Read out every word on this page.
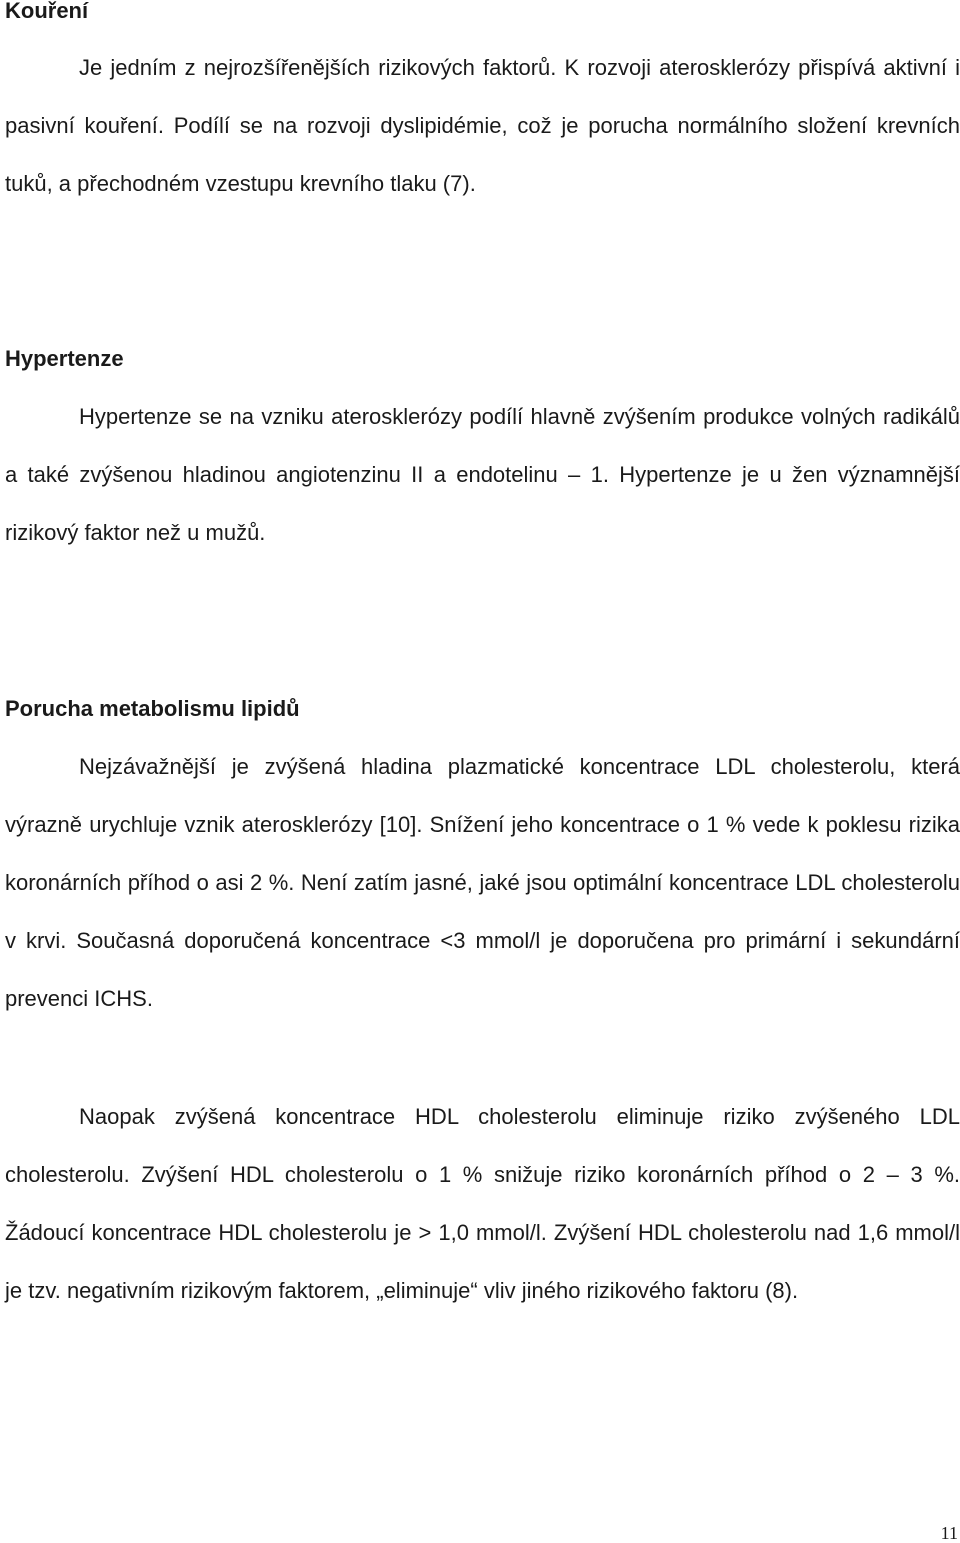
Kouření

Je jedním z nejrozšířenějších rizikových faktorů. K rozvoji aterosklerózy přispívá aktivní i pasivní kouření. Podílí se na rozvoji dyslipidémie, což je porucha normálního složení krevních tuků, a přechodném vzestupu krevního tlaku (7).

Hypertenze

Hypertenze se na vzniku aterosklerózy podílí hlavně zvýšením produkce volných radikálů a také zvýšenou hladinou angiotenzinu II a endotelinu – 1. Hypertenze je u žen významnější rizikový faktor než u mužů.

Porucha metabolismu lipidů

Nejzávažnější je zvýšená hladina plazmatické koncentrace LDL cholesterolu, která výrazně urychluje vznik aterosklerózy [10]. Snížení jeho koncentrace o 1 % vede k poklesu rizika koronárních příhod o asi 2 %. Není zatím jasné, jaké jsou optimální koncentrace LDL cholesterolu v krvi. Současná doporučená koncentrace <3 mmol/l je doporučena pro primární i sekundární prevenci ICHS.

Naopak zvýšená koncentrace HDL cholesterolu eliminuje riziko zvýšeného LDL cholesterolu. Zvýšení HDL cholesterolu o 1 % snižuje riziko koronárních příhod o 2 – 3 %. Žádoucí koncentrace HDL cholesterolu je > 1,0 mmol/l. Zvýšení HDL cholesterolu nad 1,6 mmol/l je tzv. negativním rizikovým faktorem, „eliminuje“ vliv jiného rizikového faktoru (8).

11
